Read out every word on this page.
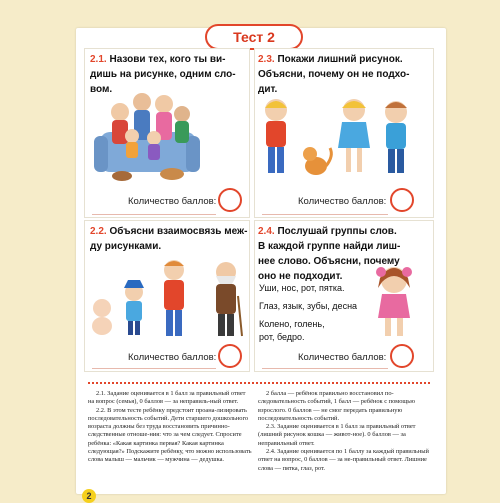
Тест 2
2.1. Назови тех, кого ты ви-
дишь на рисунке, одним сло-
вом.
Количество баллов:
2.3. Покажи лишний рисунок.
Объясни, почему он не подхо-
дит.
Количество баллов:
2.2. Объясни взаимосвязь меж-
ду рисунками.
Количество баллов:
2.4. Послушай группы слов.
В каждой группе найди лиш-
нее слово. Объясни, почему
оно не подходит.
Уши, нос, рот, пятка.
Глаз, язык, зубы, десна
Колено, голень,
рот, бедро.
Количество баллов:

2.1. Задание оценивается в 1 балл за правильный ответ на вопрос (семья), 0 баллов — за неправиль-ный ответ.

2.2. В этом тесте ребёнку предстоит проана-лизировать последовательность событий. Дети старшего дошкольного возраста должны без труда восстановить причинно-следственные отноше-ния: что за чем следует. Спросите ребёнка: «Какая картинка первая? Какая картинка следующая?» Подскажите ребёнку, что можно использовать слова малыш — мальчик — мужчина — дедушка.

2 балла — ребёнок правильно восстановил по-следовательность событий, 1 балл — ребёнок с помощью взрослого. 0 баллов — не смог передать правильную последовательность событий.

2.3. Задание оценивается в 1 балл за правильный ответ (лишний рисунок кошка — живот-ное). 0 баллов — за неправильный ответ.

2.4. Задание оценивается по 1 баллу за каждый правильный ответ на вопрос, 0 баллов — за не-правильный ответ. Лишние слова — пятка, глаз, рот.

2
